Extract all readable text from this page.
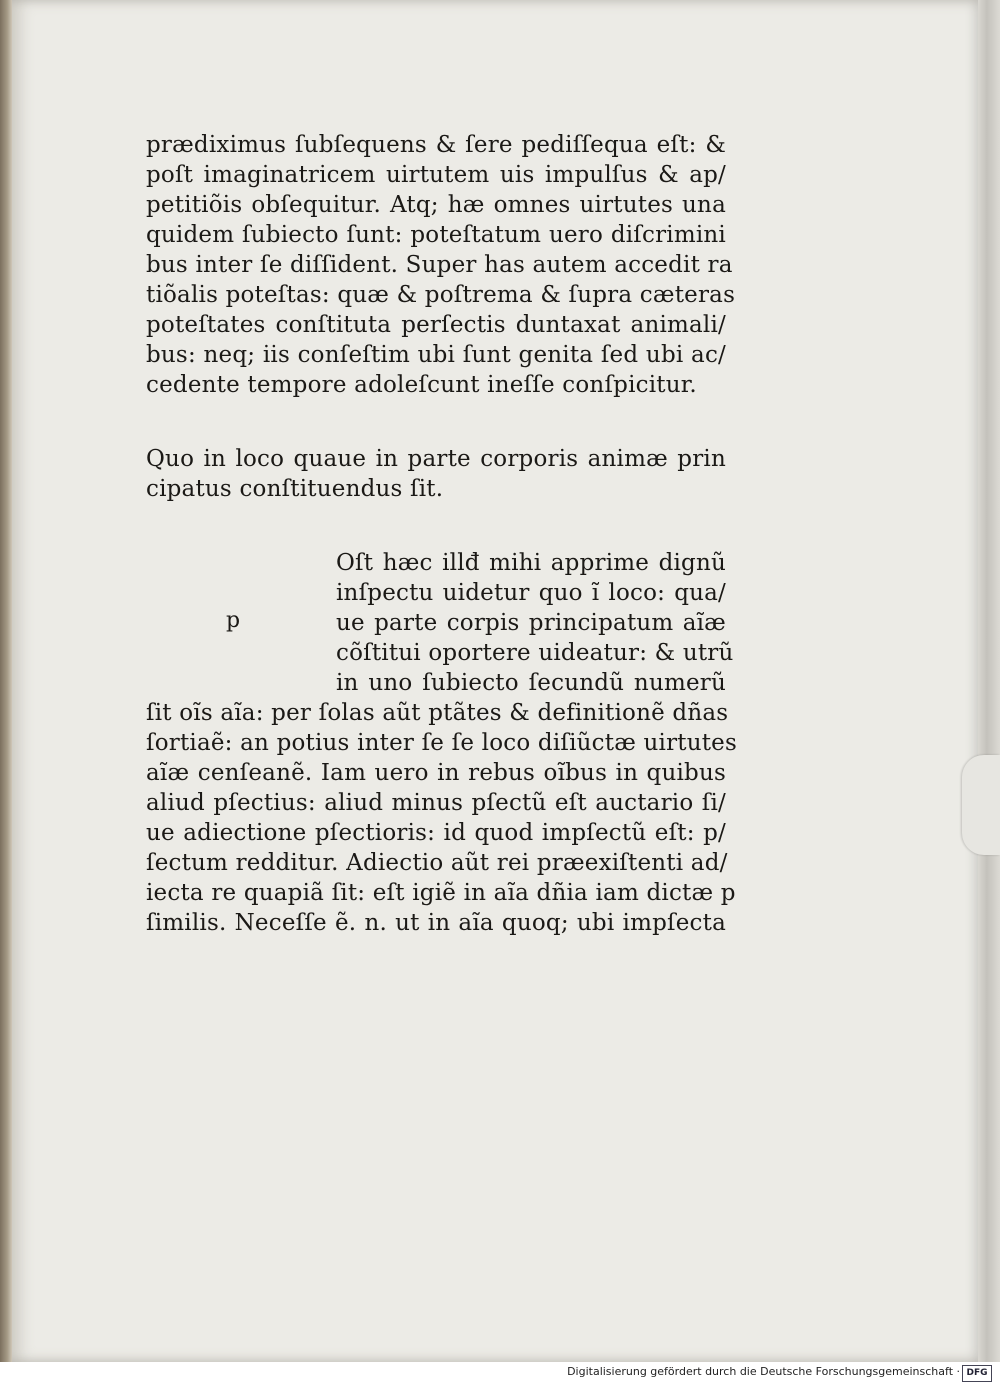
prædiximus ſubſequens & ſere pediſſequa eſt: &
poſt imaginatricem uirtutem uis impulſus & ap/
petitiõis obſequitur. Atq; hæ omnes uirtutes una
quidem ſubiecto ſunt: poteſtatum uero diſcrimini
bus inter ſe diſſident. Super has autem accedit ra
tiõalis poteſtas: quæ & poſtrema & ſupra cæteras
poteſtates conſtituta perſectis duntaxat animali/
bus: neq; iis conſeſtim ubi ſunt genita ſed ubi ac/
cedente tempore adoleſcunt ineſſe conſpicitur.
Quo in loco quaue in parte corporis animæ prin
cipatus conſtituendus ſit.
p
Oſt hæc illđ mihi apprime dignũ
inſpectu uidetur quo ĩ loco: qua/
ue parte corpis principatum aĩæ
cõſtitui oportere uideatur: & utrũ
in uno ſubiecto ſecundũ numerũ
ſit oĩs aĩa: per ſolas aũt ptãtes & definitionẽ dñas
ſortiaẽ: an potius inter ſe ſe loco diſiũctæ uirtutes
aĩæ cenſeanẽ. Iam uero in rebus oĩbus in quibus
aliud pſectius: aliud minus pſectũ eſt auctario ſi/
ue adiectione pſectioris: id quod impſectũ eſt: p/
ſectum redditur. Adiectio aũt rei præexiſtenti ad/
iecta re quapiã ſit: eſt igiẽ in aĩa dñia iam dictæ p
ſimilis. Neceſſe ẽ. n. ut in aĩa quoq; ubi impſecta
Digitalisierung gefördert durch die Deutsche Forschungsgemeinschaft · DFG
